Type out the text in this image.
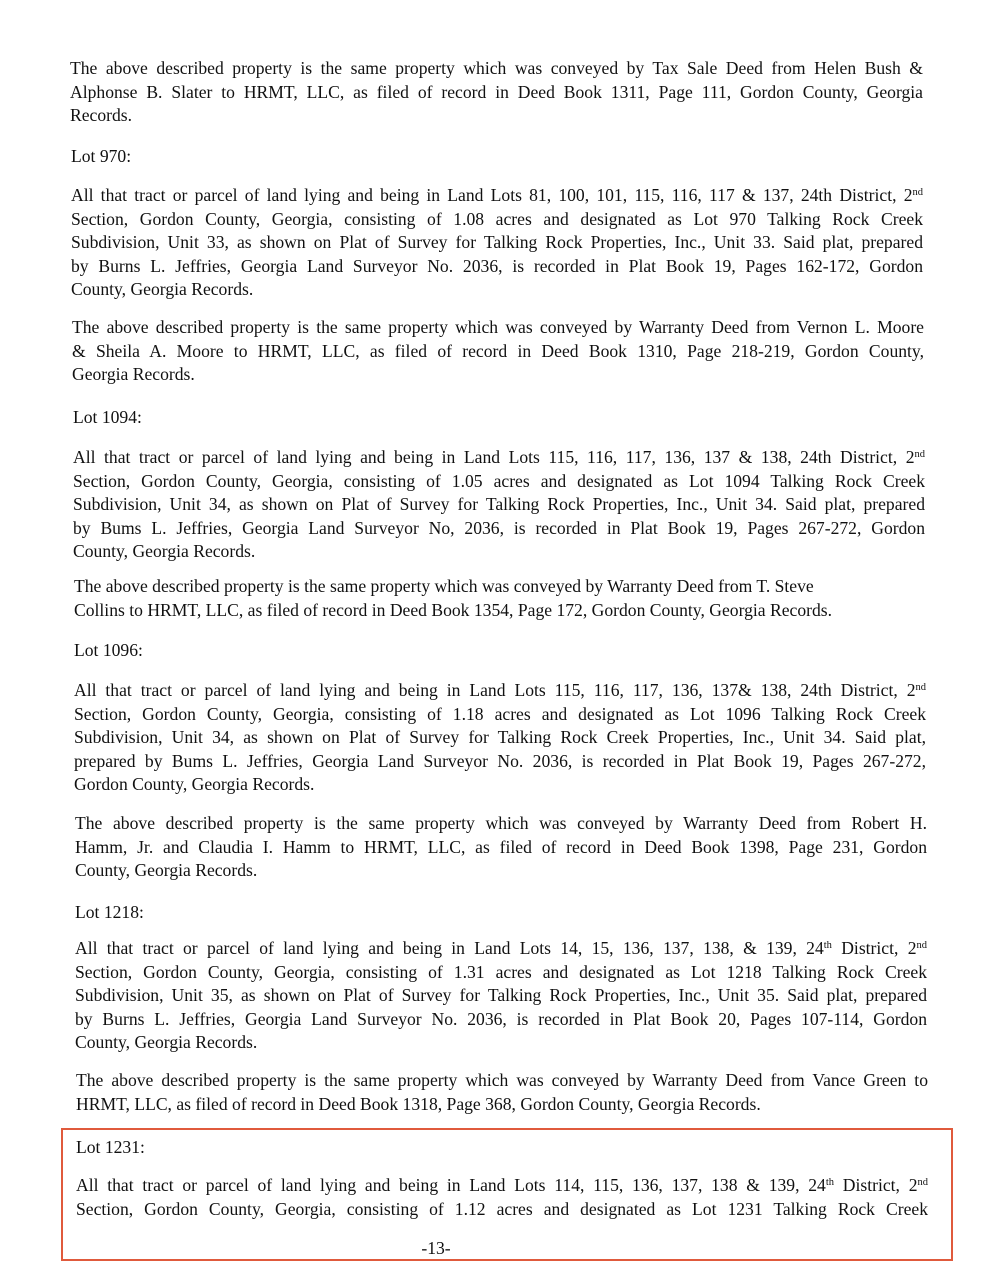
The above described property is the same property which was conveyed by Tax Sale Deed from Helen Bush &
Alphonse B. Slater to HRMT, LLC, as filed of record in Deed Book 1311, Page 111, Gordon County, Georgia
Records.
Lot 970:
All that tract or parcel of land lying and being in Land Lots 81, 100, 101, 115, 116, 117 & 137, 24th District, 2nd
Section, Gordon County, Georgia, consisting of 1.08 acres and designated as Lot 970 Talking Rock Creek
Subdivision, Unit 33, as shown on Plat of Survey for Talking Rock Properties, Inc., Unit 33. Said plat, prepared
by Burns L. Jeffries, Georgia Land Surveyor No. 2036, is recorded in Plat Book 19, Pages 162-172, Gordon
County, Georgia Records.
The above described property is the same property which was conveyed by Warranty Deed from Vernon L. Moore
& Sheila A. Moore to HRMT, LLC, as filed of record in Deed Book 1310, Page 218-219, Gordon County,
Georgia Records.
Lot 1094:
All that tract or parcel of land lying and being in Land Lots 115, 116, 117, 136, 137 & 138, 24th District, 2nd
Section, Gordon County, Georgia, consisting of 1.05 acres and designated as Lot 1094 Talking Rock Creek
Subdivision, Unit 34, as shown on Plat of Survey for Talking Rock Properties, Inc., Unit 34. Said plat, prepared
by Bums L. Jeffries, Georgia Land Surveyor No, 2036, is recorded in Plat Book 19, Pages 267-272, Gordon
County, Georgia Records.
The above described property is the same property which was conveyed by Warranty Deed from T. Steve
Collins to HRMT, LLC, as filed of record in Deed Book 1354, Page 172, Gordon County, Georgia Records.
Lot 1096:
All that tract or parcel of land lying and being in Land Lots 115, 116, 117, 136, 137& 138, 24th District, 2nd
Section, Gordon County, Georgia, consisting of 1.18 acres and designated as Lot 1096 Talking Rock Creek
Subdivision, Unit 34, as shown on Plat of Survey for Talking Rock Creek Properties, Inc., Unit 34. Said plat,
prepared by Bums L. Jeffries, Georgia Land Surveyor No. 2036, is recorded in Plat Book 19, Pages 267-272,
Gordon County, Georgia Records.
The above described property is the same property which was conveyed by Warranty Deed from Robert H.
Hamm, Jr. and Claudia I. Hamm to HRMT, LLC, as filed of record in Deed Book 1398, Page 231, Gordon
County, Georgia Records.
Lot 1218:
All that tract or parcel of land lying and being in Land Lots 14, 15, 136, 137, 138, & 139, 24th District, 2nd
Section, Gordon County, Georgia, consisting of 1.31 acres and designated as Lot 1218 Talking Rock Creek
Subdivision, Unit 35, as shown on Plat of Survey for Talking Rock Properties, Inc., Unit 35. Said plat, prepared
by Burns L. Jeffries, Georgia Land Surveyor No. 2036, is recorded in Plat Book 20, Pages 107-114, Gordon
County, Georgia Records.
The above described property is the same property which was conveyed by Warranty Deed from Vance Green to
HRMT, LLC, as filed of record in Deed Book 1318, Page 368, Gordon County, Georgia Records.
Lot 1231:
All that tract or parcel of land lying and being in Land Lots 114, 115, 136, 137, 138 & 139, 24th District, 2nd
Section, Gordon County, Georgia, consisting of 1.12 acres and designated as Lot 1231 Talking Rock Creek
-13-
